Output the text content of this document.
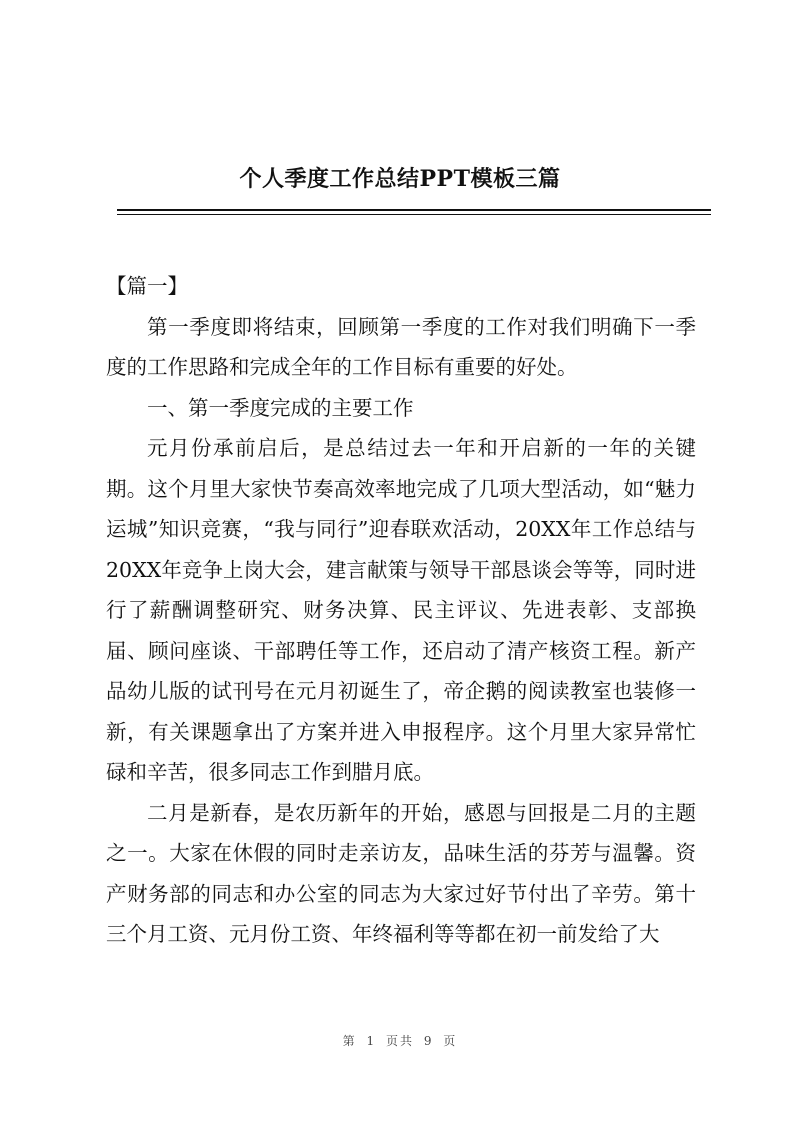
个人季度工作总结PPT模板三篇

【篇一】

第一季度即将结束，回顾第一季度的工作对我们明确下一季度的工作思路和完成全年的工作目标有重要的好处。

一、第一季度完成的主要工作

元月份承前启后，是总结过去一年和开启新的一年的关键期。这个月里大家快节奏高效率地完成了几项大型活动，如“魅力运城”知识竞赛，“我与同行”迎春联欢活动，20XX年工作总结与20XX年竞争上岗大会，建言献策与领导干部恳谈会等等，同时进行了薪酬调整研究、财务决算、民主评议、先进表彰、支部换届、顾问座谈、干部聘任等工作，还启动了清产核资工程。新产品幼儿版的试刊号在元月初诞生了，帝企鹅的阅读教室也装修一新，有关课题拿出了方案并进入申报程序。这个月里大家异常忙碌和辛苦，很多同志工作到腊月底。

二月是新春，是农历新年的开始，感恩与回报是二月的主题之一。大家在休假的同时走亲访友，品味生活的芬芳与温馨。资产财务部的同志和办公室的同志为大家过好节付出了辛劳。第十三个月工资、元月份工资、年终福利等等都在初一前发给了大

第 1 页共 9 页
